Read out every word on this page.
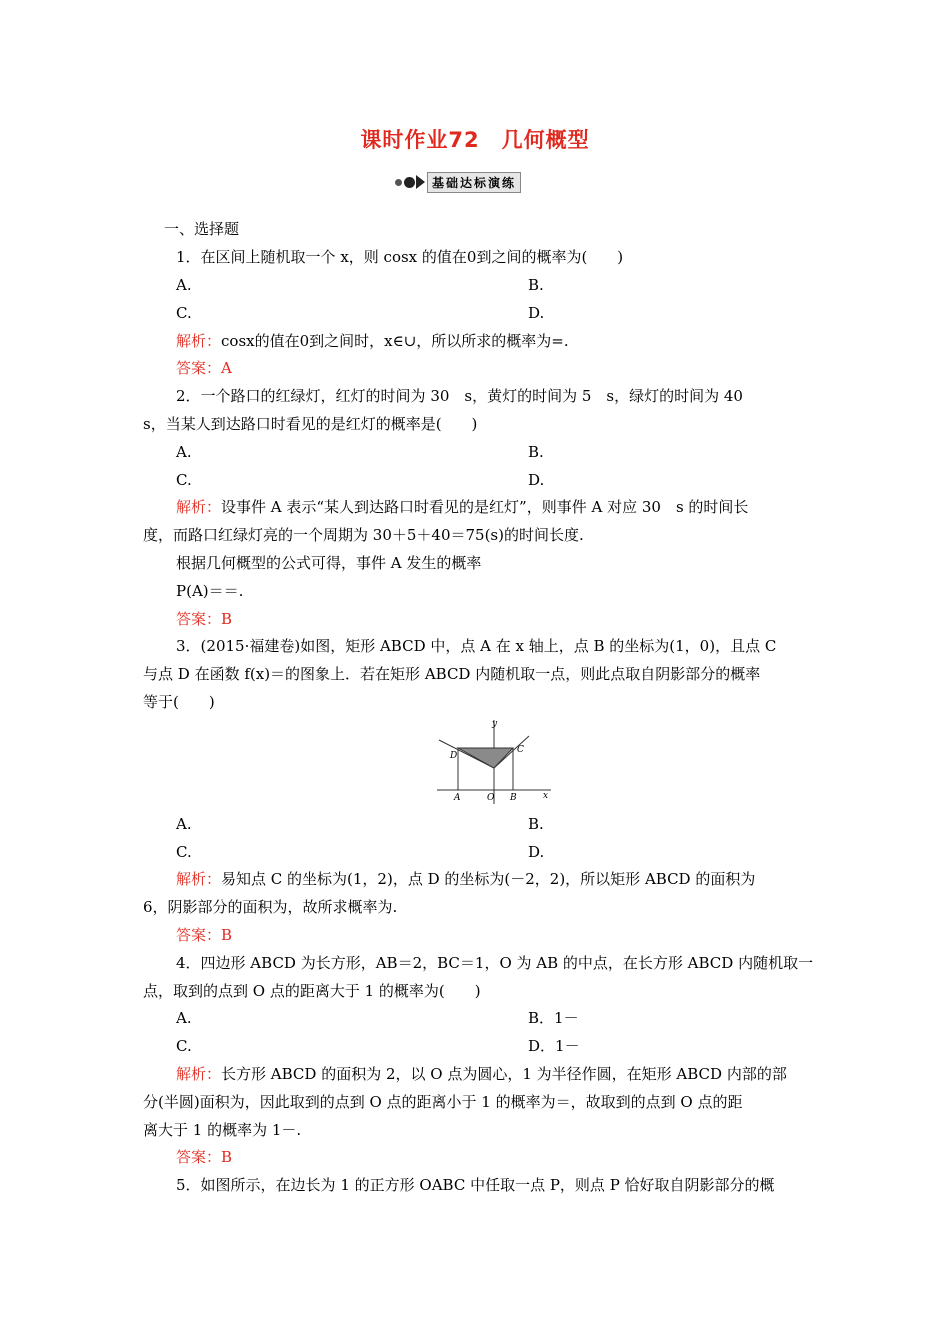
课时作业72　几何概型
基础达标演练
一、选择题
1．在区间上随机取一个 x，则 cosx 的值在0到之间的概率为(　　)
A.	B.
C.	D.
解析：cosx的值在0到之间时，x∈∪，所以所求的概率为=.
答案：A
2．一个路口的红绿灯，红灯的时间为 30　s，黄灯的时间为 5　s，绿灯的时间为 40
s，当某人到达路口时看见的是红灯的概率是(　　)
A.	B.
C.	D.
解析：设事件 A 表示“某人到达路口时看见的是红灯”，则事件 A 对应 30　s 的时间长
度，而路口红绿灯亮的一个周期为 30＋5＋40＝75(s)的时间长度.
根据几何概型的公式可得，事件 A 发生的概率
P(A)＝＝.
答案：B
3．(2015·福建卷)如图，矩形 ABCD 中，点 A 在 x 轴上，点 B 的坐标为(1，0)，且点 C
与点 D 在函数 f(x)＝的图象上．若在矩形 ABCD 内随机取一点，则此点取自阴影部分的概率
等于(　　)
y
x
A	O B
C
D
A.	B.
C.	D.
解析：易知点 C 的坐标为(1，2)，点 D 的坐标为(－2，2)，所以矩形 ABCD 的面积为
6，阴影部分的面积为，故所求概率为.
答案：B
4．四边形 ABCD 为长方形，AB＝2，BC＝1，O 为 AB 的中点，在长方形 ABCD 内随机取一
点，取到的点到 O 点的距离大于 1 的概率为(　　)
A.	B．1－
C.	D．1－
解析：长方形 ABCD 的面积为 2，以 O 点为圆心，1 为半径作圆，在矩形 ABCD 内部的部
分(半圆)面积为，因此取到的点到 O 点的距离小于 1 的概率为＝，故取到的点到 O 点的距
离大于 1 的概率为 1－.
答案：B
5．如图所示，在边长为 1 的正方形 OABC 中任取一点 P，则点 P 恰好取自阴影部分的概
